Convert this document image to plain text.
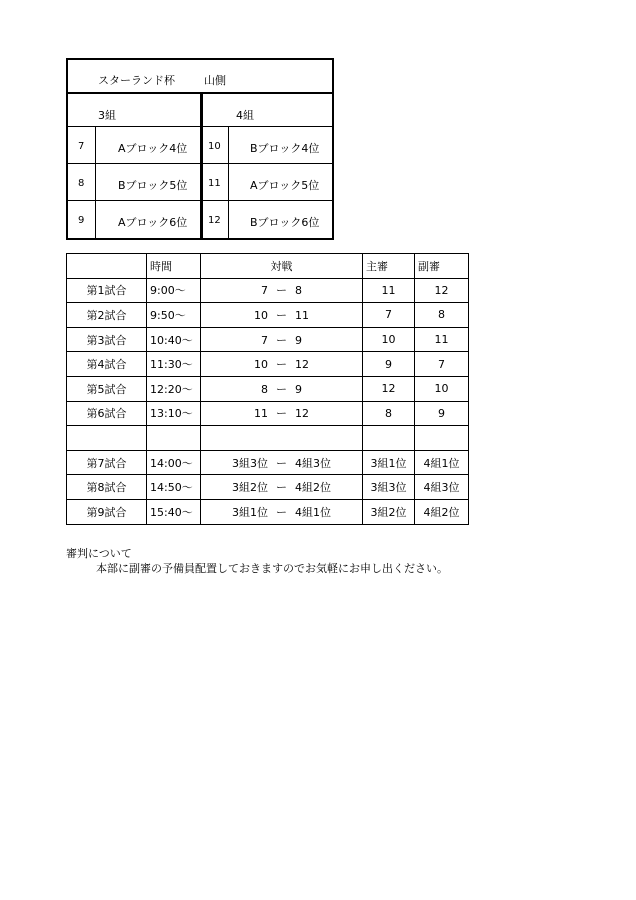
スターランド杯	山側
3組	4組
7	Aブロック4位 10	Bブロック4位
8	Bブロック5位 11	Aブロック5位
9	Aブロック6位 12	Bブロック6位
	時間	対戦	主審	副審
第1試合	9:00～	7 ー 8	11	12
第2試合	9:50～	10 ー 11	7	8
第3試合	10:40～	7 ー 9	10	11
第4試合	11:30～	10 ー 12	9	7
第5試合	12:20～	8 ー 9	12	10
第6試合	13:10～	11 ー 12	8	9

第7試合	14:00～	3組3位 ー 4組3位	3組1位	4組1位
第8試合	14:50～	3組2位 ー 4組2位	3組3位	4組3位
第9試合	15:40～	3組1位 ー 4組1位	3組2位	4組2位
審判について
本部に副審の予備員配置しておきますのでお気軽にお申し出ください。
